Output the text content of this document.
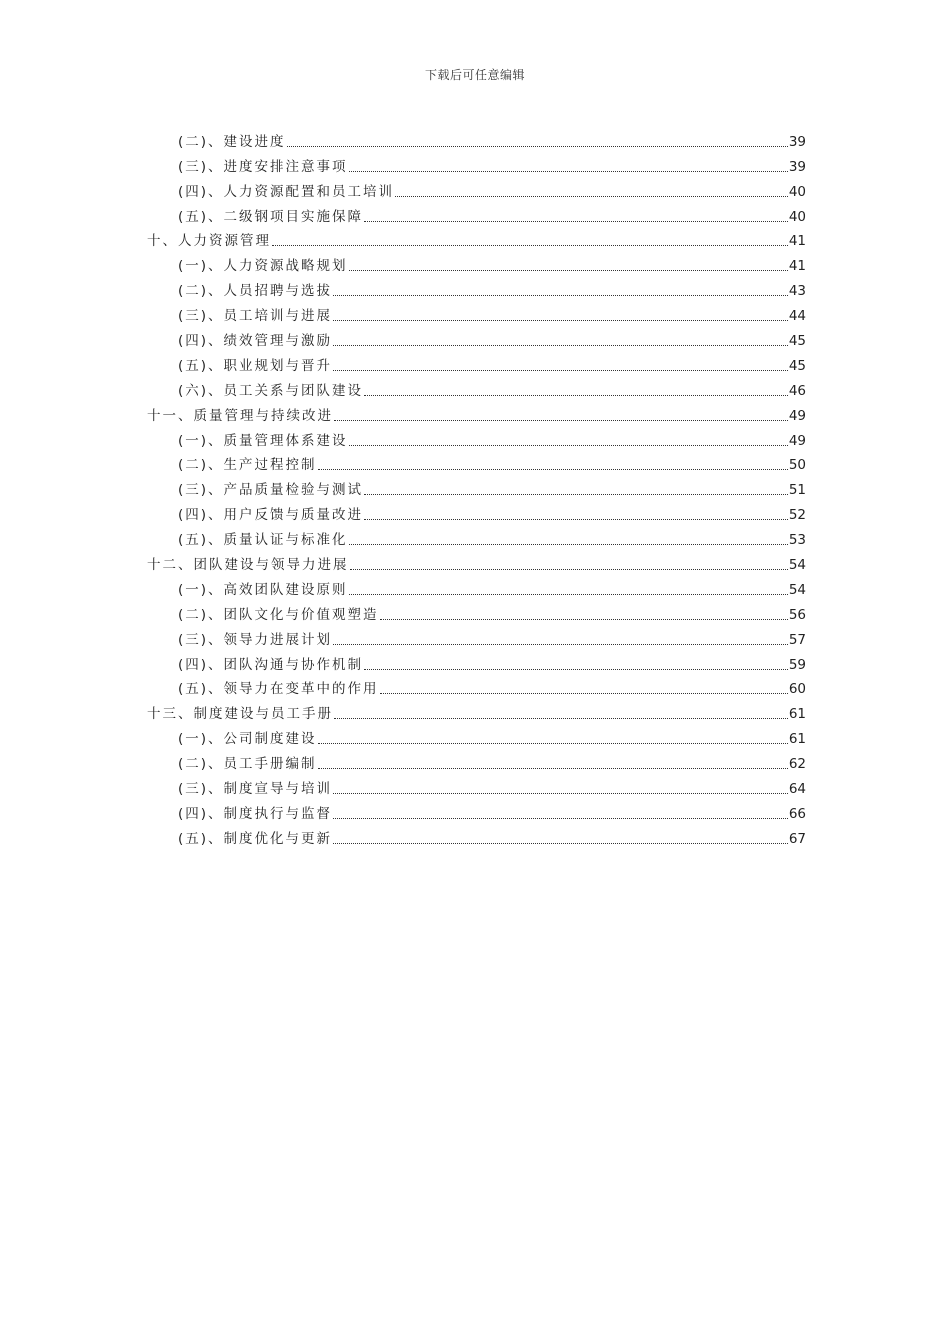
下载后可任意编辑
(二)、建设进度	39
(三)、进度安排注意事项	39
(四)、人力资源配置和员工培训	40
(五)、二级钢项目实施保障	40
十、人力资源管理	41
(一)、人力资源战略规划	41
(二)、人员招聘与选拔	43
(三)、员工培训与进展	44
(四)、绩效管理与激励	45
(五)、职业规划与晋升	45
(六)、员工关系与团队建设	46
十一、质量管理与持续改进	49
(一)、质量管理体系建设	49
(二)、生产过程控制	50
(三)、产品质量检验与测试	51
(四)、用户反馈与质量改进	52
(五)、质量认证与标准化	53
十二、团队建设与领导力进展	54
(一)、高效团队建设原则	54
(二)、团队文化与价值观塑造	56
(三)、领导力进展计划	57
(四)、团队沟通与协作机制	59
(五)、领导力在变革中的作用	60
十三、制度建设与员工手册	61
(一)、公司制度建设	61
(二)、员工手册编制	62
(三)、制度宣导与培训	64
(四)、制度执行与监督	66
(五)、制度优化与更新	67
